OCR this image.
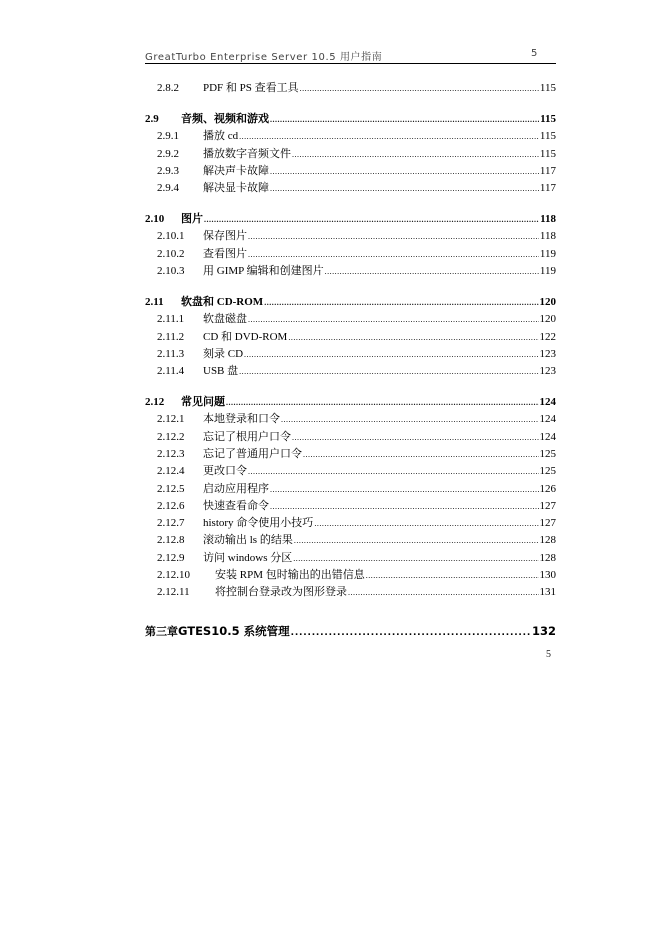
GreatTurbo Enterprise Server 10.5 用户指南	5
2.8.2	PDF 和 PS 查看工具 .....	115
2.9	音频、视频和游戏 .....	115
2.9.1	播放 cd .....	115
2.9.2	播放数字音频文件 .....	115
2.9.3	解决声卡故障 .....	117
2.9.4	解决显卡故障 .....	117
2.10	图片 .....	118
2.10.1	保存图片 .....	118
2.10.2	查看图片 .....	119
2.10.3	用 GIMP 编辑和创建图片 .....	119
2.11	软盘和 CD-ROM .....	120
2.11.1	软盘磁盘 .....	120
2.11.2	CD 和 DVD-ROM .....	122
2.11.3	刻录 CD .....	123
2.11.4	USB 盘 .....	123
2.12	常见问题 .....	124
2.12.1	本地登录和口令 .....	124
2.12.2	忘记了根用户口令 .....	124
2.12.3	忘记了普通用户口令 .....	125
2.12.4	更改口令 .....	125
2.12.5	启动应用程序 .....	126
2.12.6	快速查看命令 .....	127
2.12.7	history 命令使用小技巧 .....	127
2.12.8	滚动输出 ls 的结果 .....	128
2.12.9	访问 windows 分区 .....	128
2.12.10	安装 RPM 包时输出的出错信息 .....	130
2.12.11	将控制台登录改为图形登录 .....	131
第三章 GTES10.5 系统管理 .....	132
5
